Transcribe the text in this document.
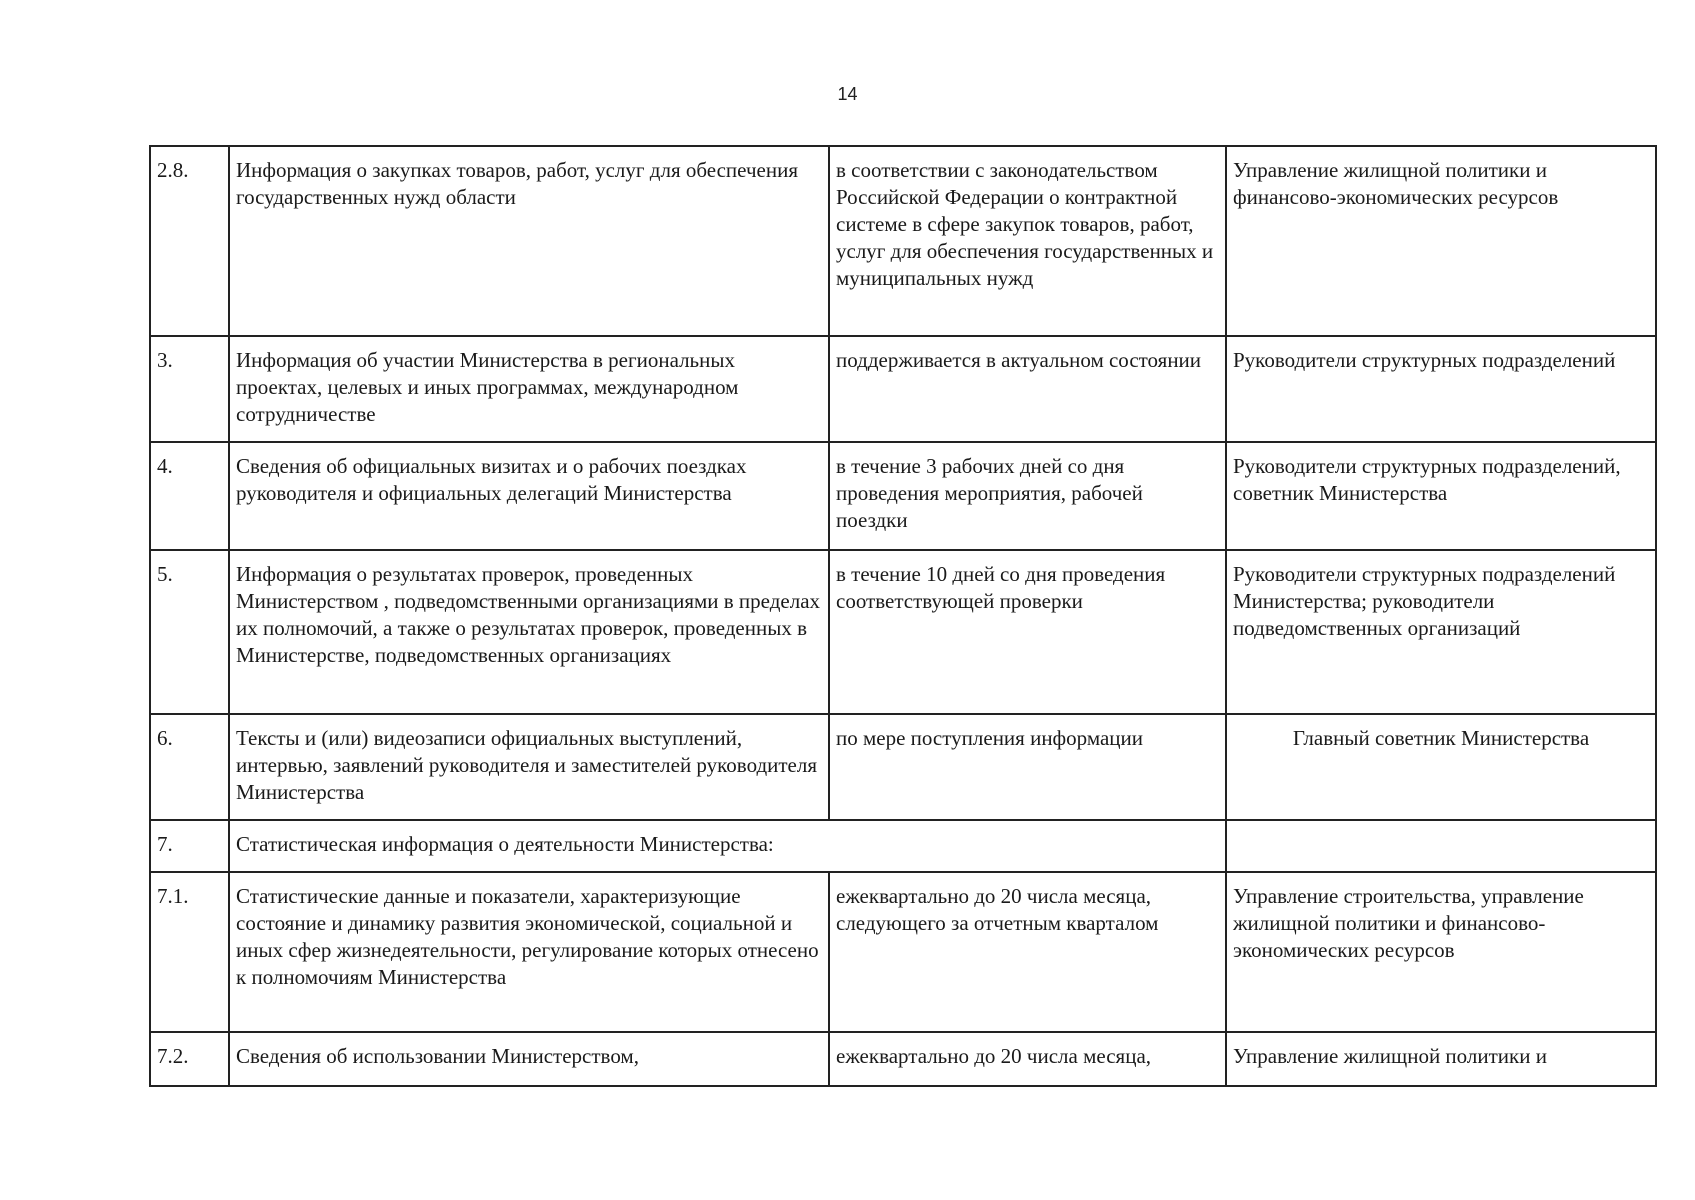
14
2.8.	Информация о закупках товаров, работ, услуг для обеспечения государственных нужд области	в соответствии с законодательством Российской Федерации о контрактной системе в сфере закупок товаров, работ, услуг для обеспечения государственных и муниципальных нужд	Управление жилищной политики и финансово-экономических ресурсов
3.	Информация об участии Министерства в региональных проектах, целевых и иных программах, международном сотрудничестве	поддерживается в актуальном состоянии	Руководители структурных подразделений
4.	Сведения об официальных визитах и о рабочих поездках руководителя и официальных делегаций Министерства	в течение 3 рабочих дней со дня проведения мероприятия, рабочей поездки	Руководители структурных подразделений, советник Министерства
5.	Информация о результатах проверок, проведенных Министерством , подведомственными организациями в пределах их полномочий, а также о результатах проверок, проведенных в Министерстве, подведомственных организациях	в течение 10 дней со дня проведения соответствующей проверки	Руководители структурных подразделений Министерства; руководители подведомственных организаций
6.	Тексты и (или) видеозаписи официальных выступлений, интервью, заявлений руководителя и заместителей руководителя Министерства	по мере поступления информации	Главный советник Министерства
7.	Статистическая информация о деятельности Министерства:		
7.1.	Статистические данные и показатели, характеризующие состояние и динамику развития экономической, социальной и иных сфер жизнедеятельности, регулирование которых отнесено к полномочиям Министерства	ежеквартально до 20 числа месяца, следующего за отчетным кварталом	Управление строительства, управление жилищной политики и финансово-экономических ресурсов
7.2.	Сведения об использовании Министерством,	ежеквартально до 20 числа месяца,	Управление жилищной политики и
